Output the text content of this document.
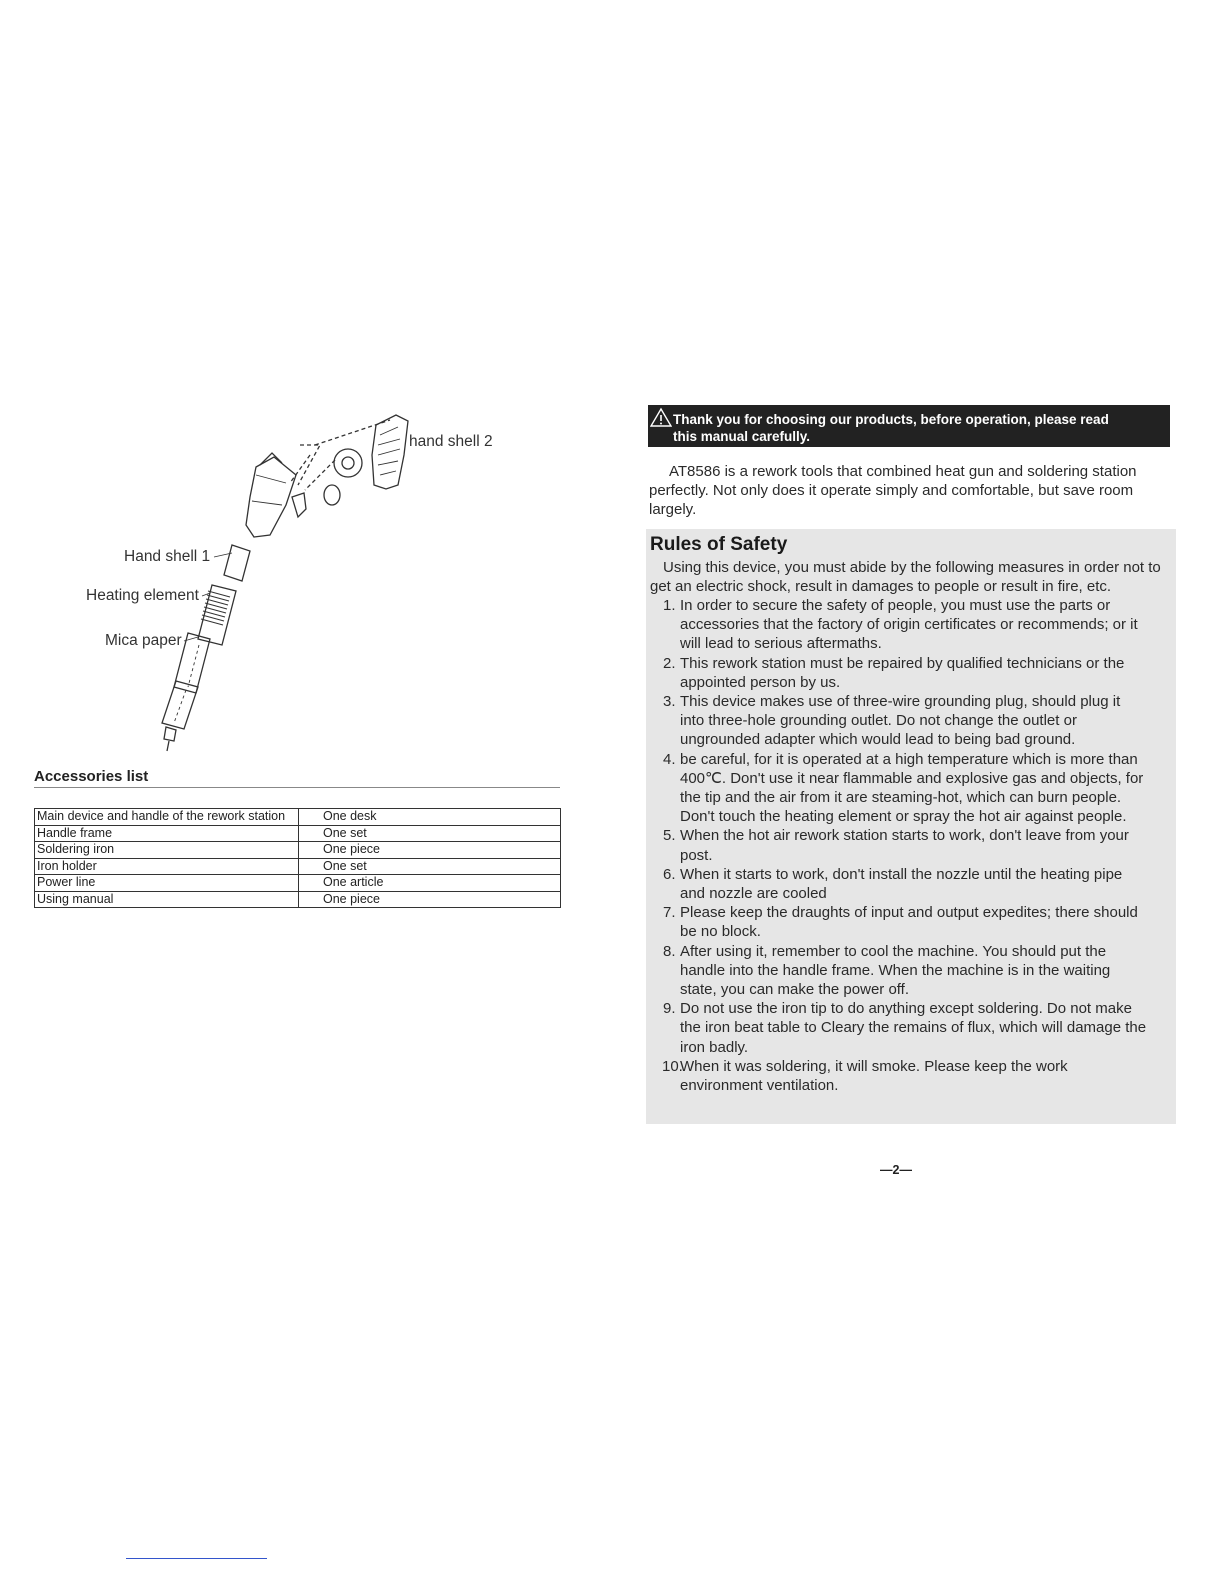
hand shell 2
Hand shell 1
Heating element
Mica paper
Accessories list
Main device and handle of the rework station	One desk
Handle frame	One set
Soldering iron	One piece
Iron holder	One set
Power line	One article
Using manual	One piece
Thank you for choosing our products, before operation, please read
this manual carefully.

AT8586 is a rework tools that combined heat gun and soldering station perfectly. Not only does it operate simply and comfortable, but save room largely.

Rules of Safety

Using this device, you must abide by the following measures in order not to get an electric shock, result in damages to people or result in fire, etc.

1. In order to secure the safety of people, you must use the parts or accessories that the factory of origin certificates or recommends; or it will lead to serious aftermaths.
2. This rework station must be repaired by qualified technicians or the appointed person by us.
3. This device makes use of three-wire grounding plug, should plug it into three-hole grounding outlet. Do not change the outlet or ungrounded adapter which would lead to being bad ground.
4. be careful, for it is operated at a high temperature which is more than 400℃. Don't use it near flammable and explosive gas and objects, for the tip and the air from it are steaming-hot, which can burn people. Don't touch the heating element or spray the hot air against people.
5. When the hot air rework station starts to work, don't leave from your post.
6. When it starts to work, don't install the nozzle until the heating pipe and nozzle are cooled
7. Please keep the draughts of input and output expedites; there should be no block.
8. After using it, remember to cool the machine. You should put the handle into the handle frame. When the machine is in the waiting state, you can make the power off.
9. Do not use the iron tip to do anything except soldering. Do not make the iron beat table to Cleary the remains of flux, which will damage the iron badly.
10.
When it was soldering, it will smoke. Please keep the work environment ventilation.
—2—
